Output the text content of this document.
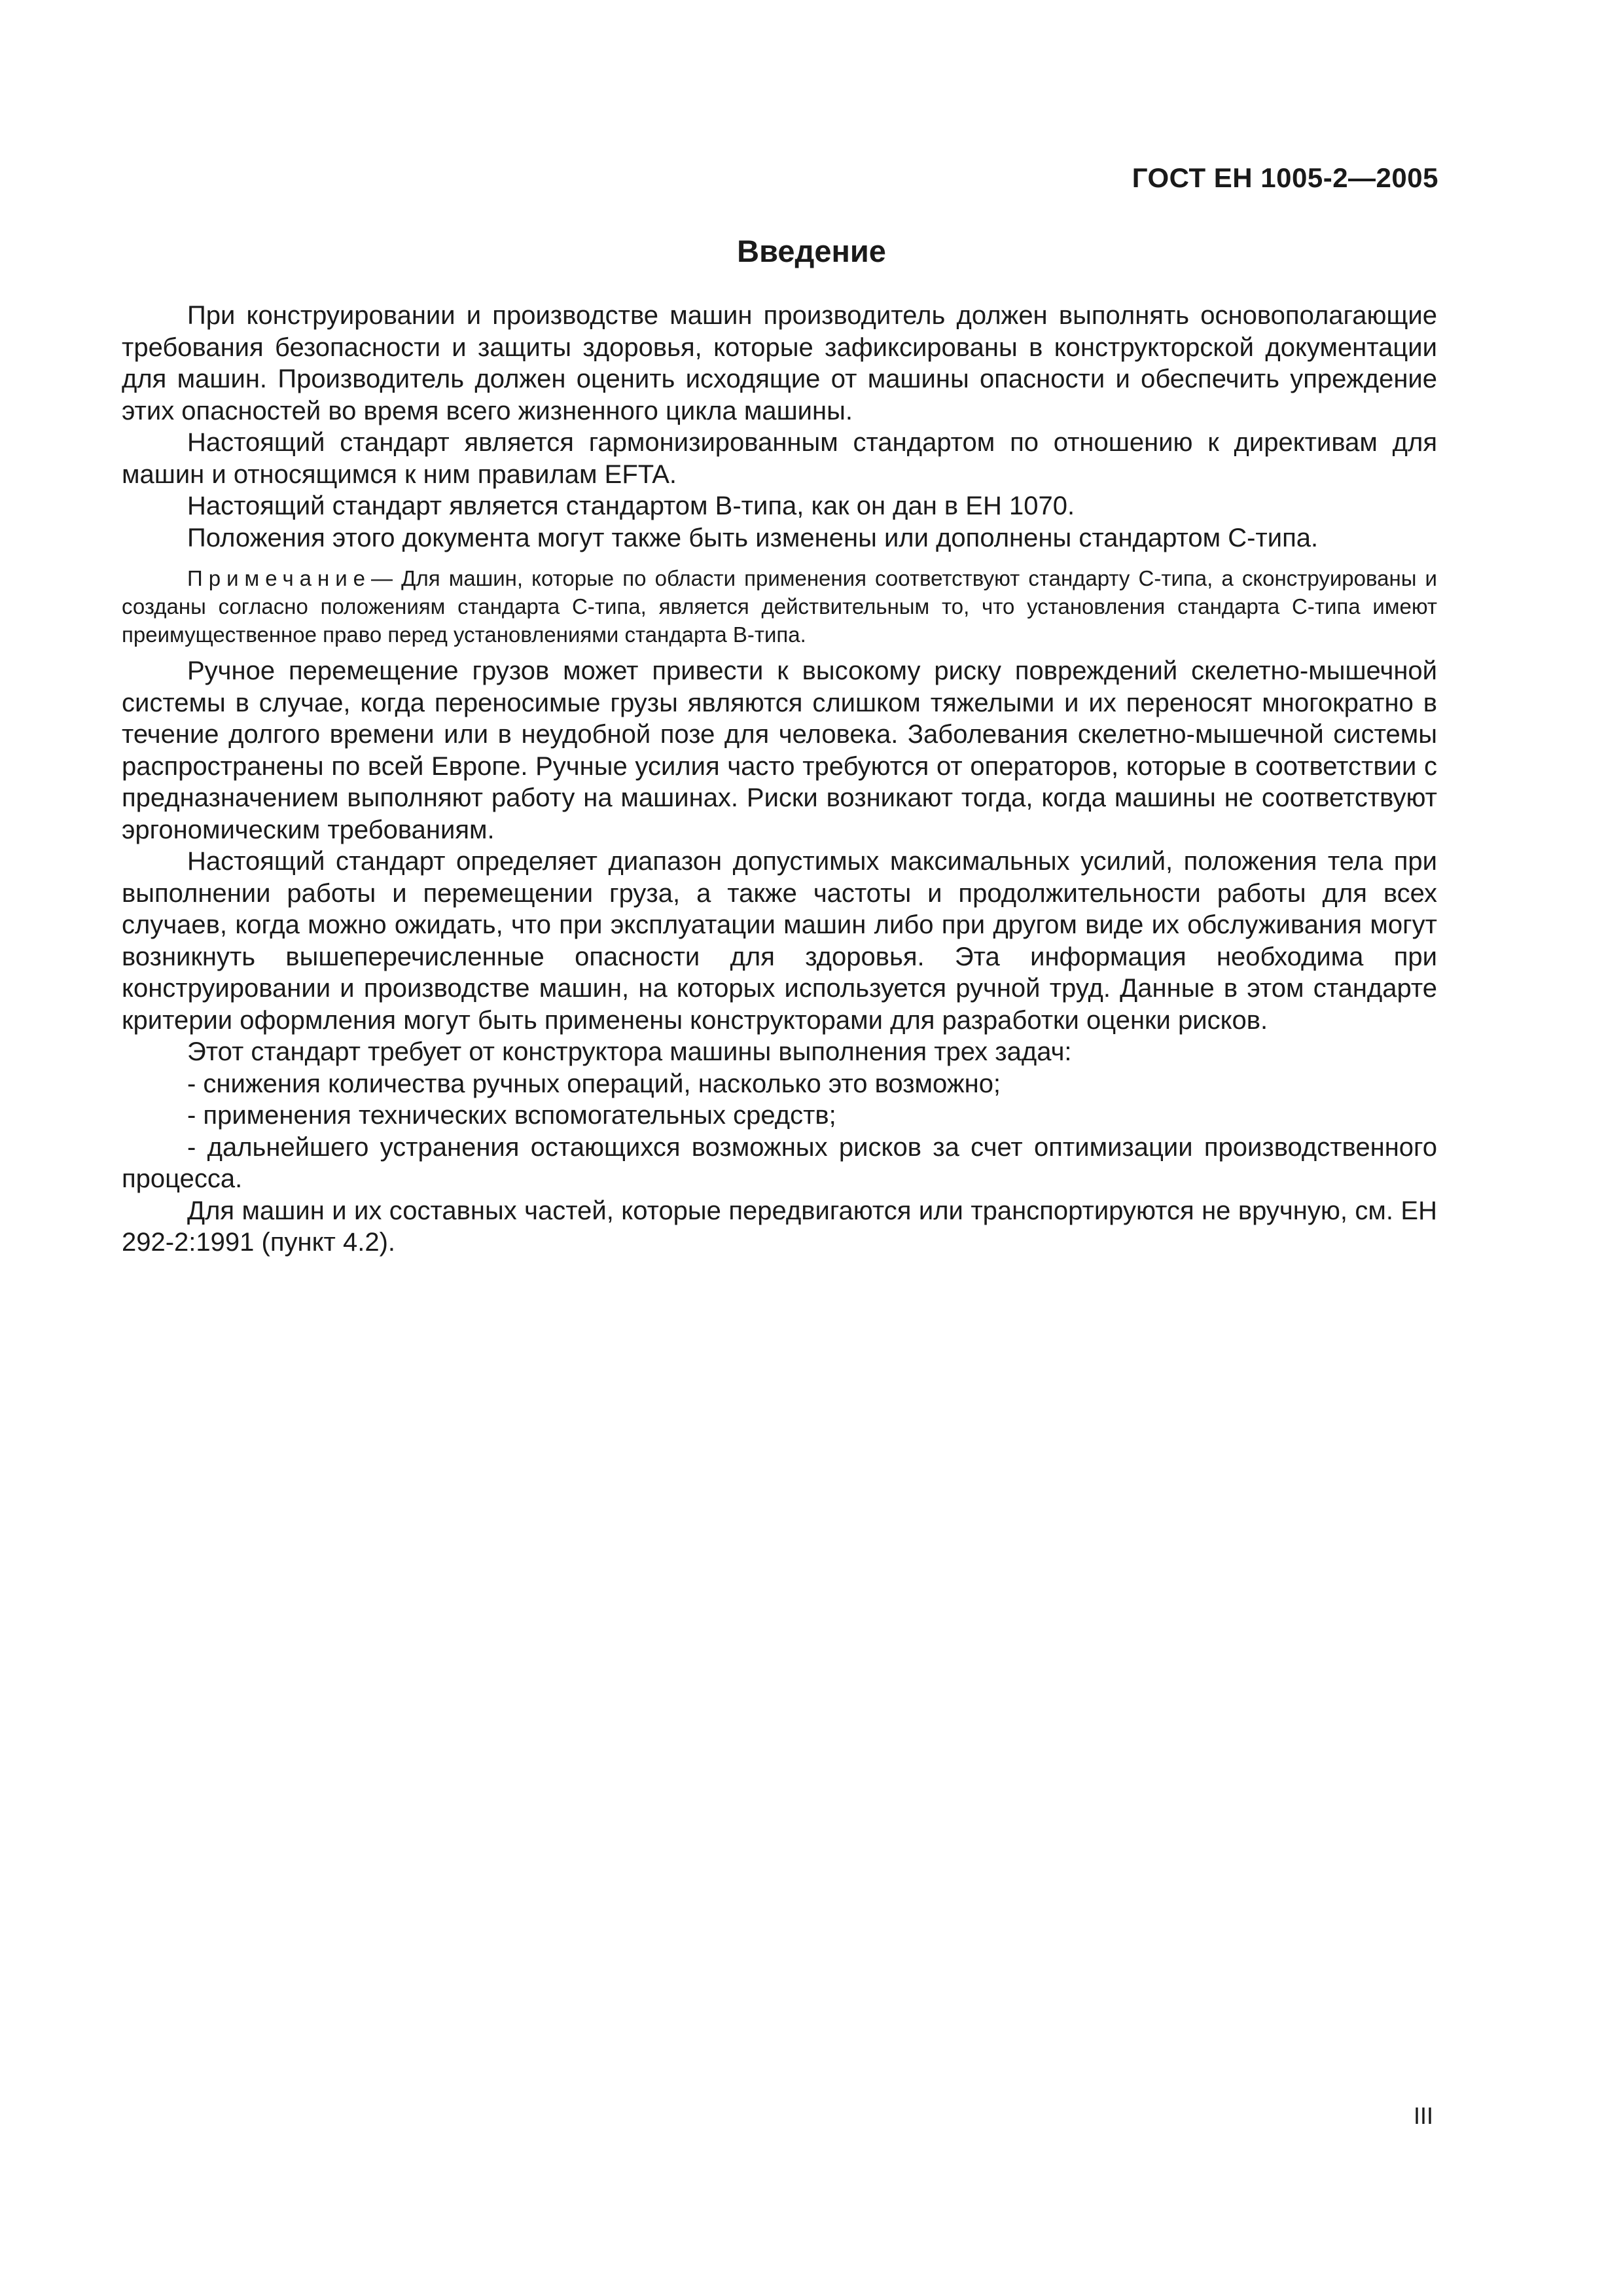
ГОСТ ЕН 1005-2—2005

Введение

При конструировании и производстве машин производитель должен выполнять основополагающие требования безопасности и защиты здоровья, которые зафиксированы в конструкторской документации для машин. Производитель должен оценить исходящие от машины опасности и обеспечить упреждение этих опасностей во время всего жизненного цикла машины.

Настоящий стандарт является гармонизированным стандартом по отношению к директивам для машин и относящимся к ним правилам EFTA.

Настоящий стандарт является стандартом В-типа, как он дан в ЕН 1070.

Положения этого документа могут также быть изменены или дополнены стандартом С-типа.

Примечание— Для машин, которые по области применения соответствуют стандарту С-типа, а сконструированы и созданы согласно положениям стандарта С-типа, является действительным то, что установления стандарта С-типа имеют преимущественное право перед установлениями стандарта В-типа.

Ручное перемещение грузов может привести к высокому риску повреждений скелетно-мышечной системы в случае, когда переносимые грузы являются слишком тяжелыми и их переносят многократно в течение долгого времени или в неудобной позе для человека. Заболевания скелетно-мышечной системы распространены по всей Европе. Ручные усилия часто требуются от операторов, которые в соответствии с предназначением выполняют работу на машинах. Риски возникают тогда, когда машины не соответствуют эргономическим требованиям.

Настоящий стандарт определяет диапазон допустимых максимальных усилий, положения тела при выполнении работы и перемещении груза, а также частоты и продолжительности работы для всех случаев, когда можно ожидать, что при эксплуатации машин либо при другом виде их обслуживания могут возникнуть вышеперечисленные опасности для здоровья. Эта информация необходима при конструировании и производстве машин, на которых используется ручной труд. Данные в этом стандарте критерии оформления могут быть применены конструкторами для разработки оценки рисков.

Этот стандарт требует от конструктора машины выполнения трех задач:

- снижения количества ручных операций, насколько это возможно;

- применения технических вспомогательных средств;

- дальнейшего устранения остающихся возможных рисков за счет оптимизации производственного процесса.

Для машин и их составных частей, которые передвигаются или транспортируются не вручную, см. ЕН 292-2:1991 (пункт 4.2).

III
